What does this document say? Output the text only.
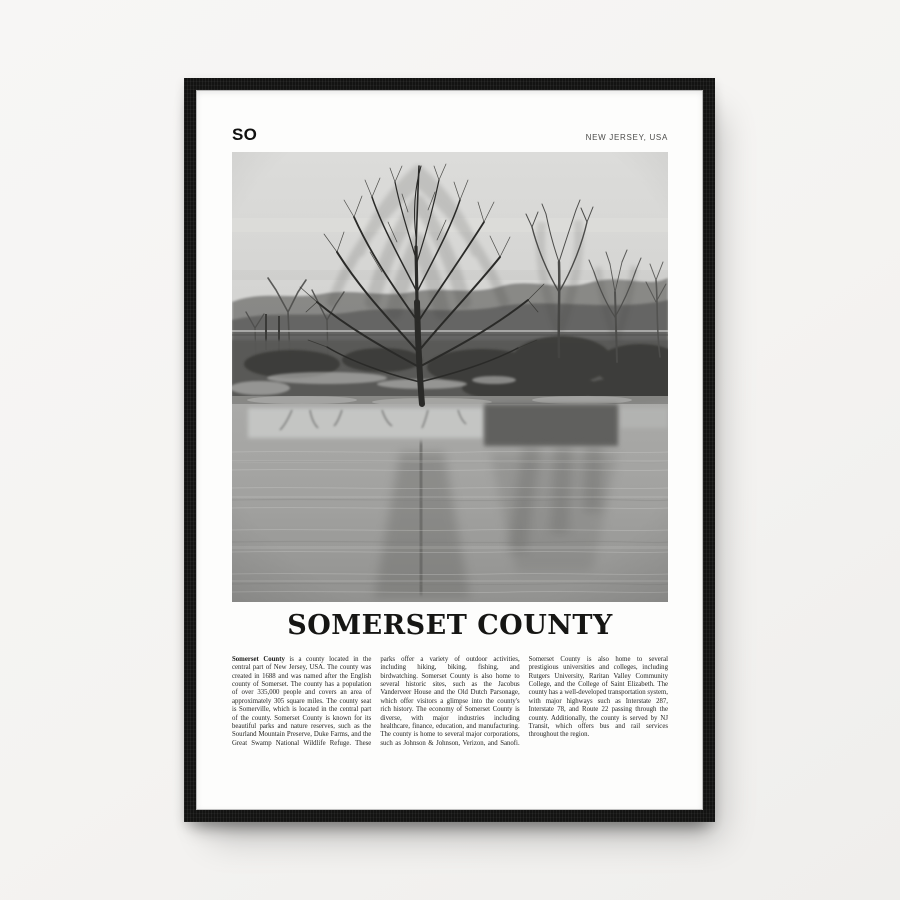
SO	NEW JERSEY, USA
SOMERSET COUNTY
Somerset County is a county located in the central part of New Jersey, USA. The county was created in 1688 and was named after the English county of Somerset. The county has a population of over 335,000 people and covers an area of approximately 305 square miles. The county seat is Somerville, which is located in the central part of the county. Somerset County is known for its beautiful parks and nature reserves, such as the Sourland Mountain Preserve, Duke Farms, and the Great Swamp National Wildlife Refuge. These parks offer a variety of outdoor activities, including hiking, biking, fishing, and birdwatching. Somerset County is also home to several historic sites, such as the Jacobus Vanderveer House and the Old Dutch Parsonage, which offer visitors a glimpse into the county's rich history. The economy of Somerset County is diverse, with major industries including healthcare, finance, education, and manufacturing. The county is home to several major corporations, such as Johnson & Johnson, Verizon, and Sanofi. Somerset County is also home to several prestigious universities and colleges, including Rutgers University, Raritan Valley Community College, and the College of Saint Elizabeth. The county has a well-developed transportation system, with major highways such as Interstate 287, Interstate 78, and Route 22 passing through the county. Additionally, the county is served by NJ Transit, which offers bus and rail services throughout the region.
